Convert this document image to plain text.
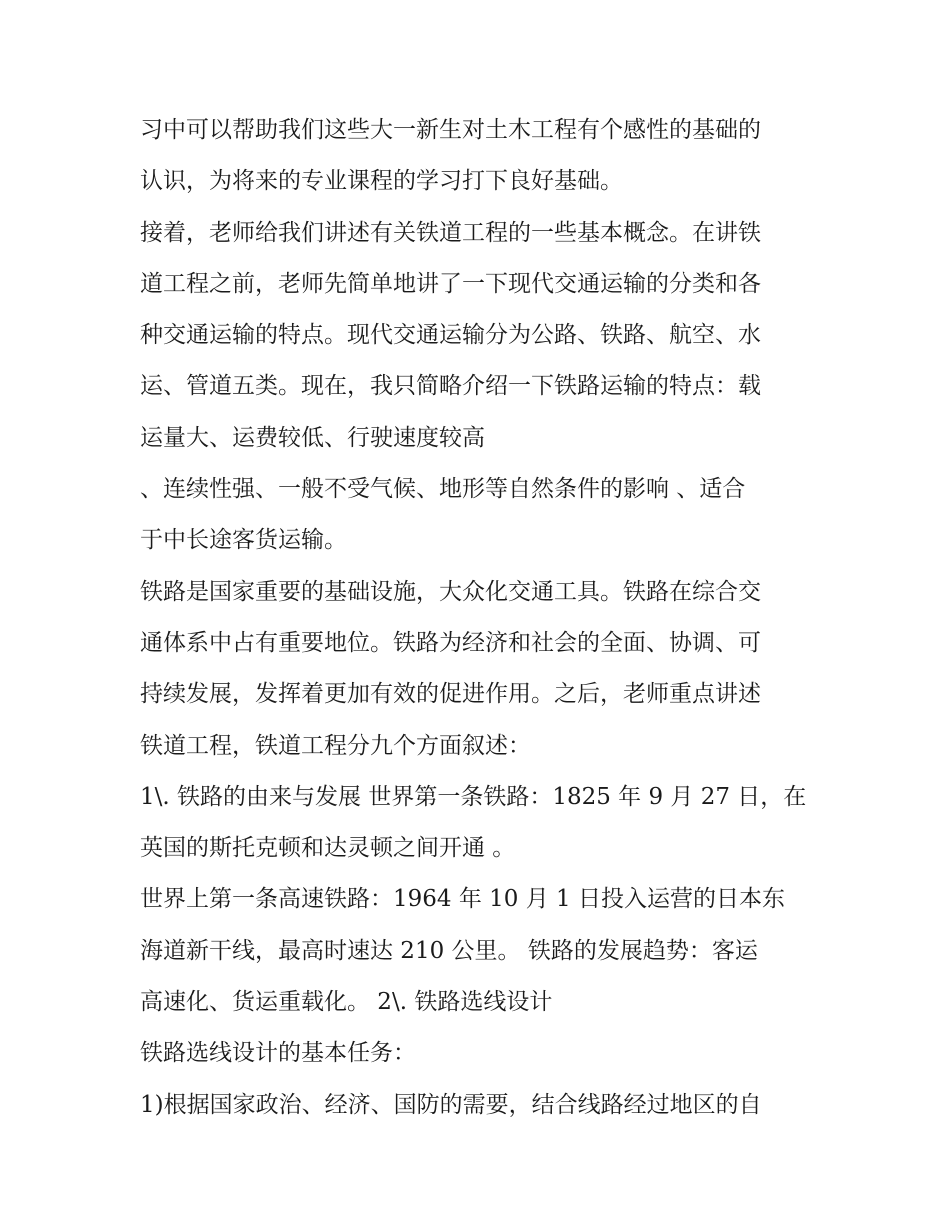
习中可以帮助我们这些大一新生对土木工程有个感性的基础的
认识，为将来的专业课程的学习打下良好基础。
接着，老师给我们讲述有关铁道工程的一些基本概念。在讲铁
道工程之前，老师先简单地讲了一下现代交通运输的分类和各
种交通运输的特点。现代交通运输分为公路、铁路、航空、水
运、管道五类。现在，我只简略介绍一下铁路运输的特点：载
运量大、运费较低、行驶速度较高
、连续性强、一般不受气候、地形等自然条件的影响 、适合
于中长途客货运输。
铁路是国家重要的基础设施，大众化交通工具。铁路在综合交
通体系中占有重要地位。铁路为经济和社会的全面、协调、可
持续发展，发挥着更加有效的促进作用。之后，老师重点讲述
铁道工程，铁道工程分九个方面叙述：
1\. 铁路的由来与发展 世界第一条铁路：1825 年 9 月 27 日，在
英国的斯托克顿和达灵顿之间开通 。
世界上第一条高速铁路：1964 年 10 月 1 日投入运营的日本东
海道新干线，最高时速达 210 公里。 铁路的发展趋势：客运
高速化、货运重载化。 2\. 铁路选线设计
铁路选线设计的基本任务：
1)根据国家政治、经济、国防的需要，结合线路经过地区的自
